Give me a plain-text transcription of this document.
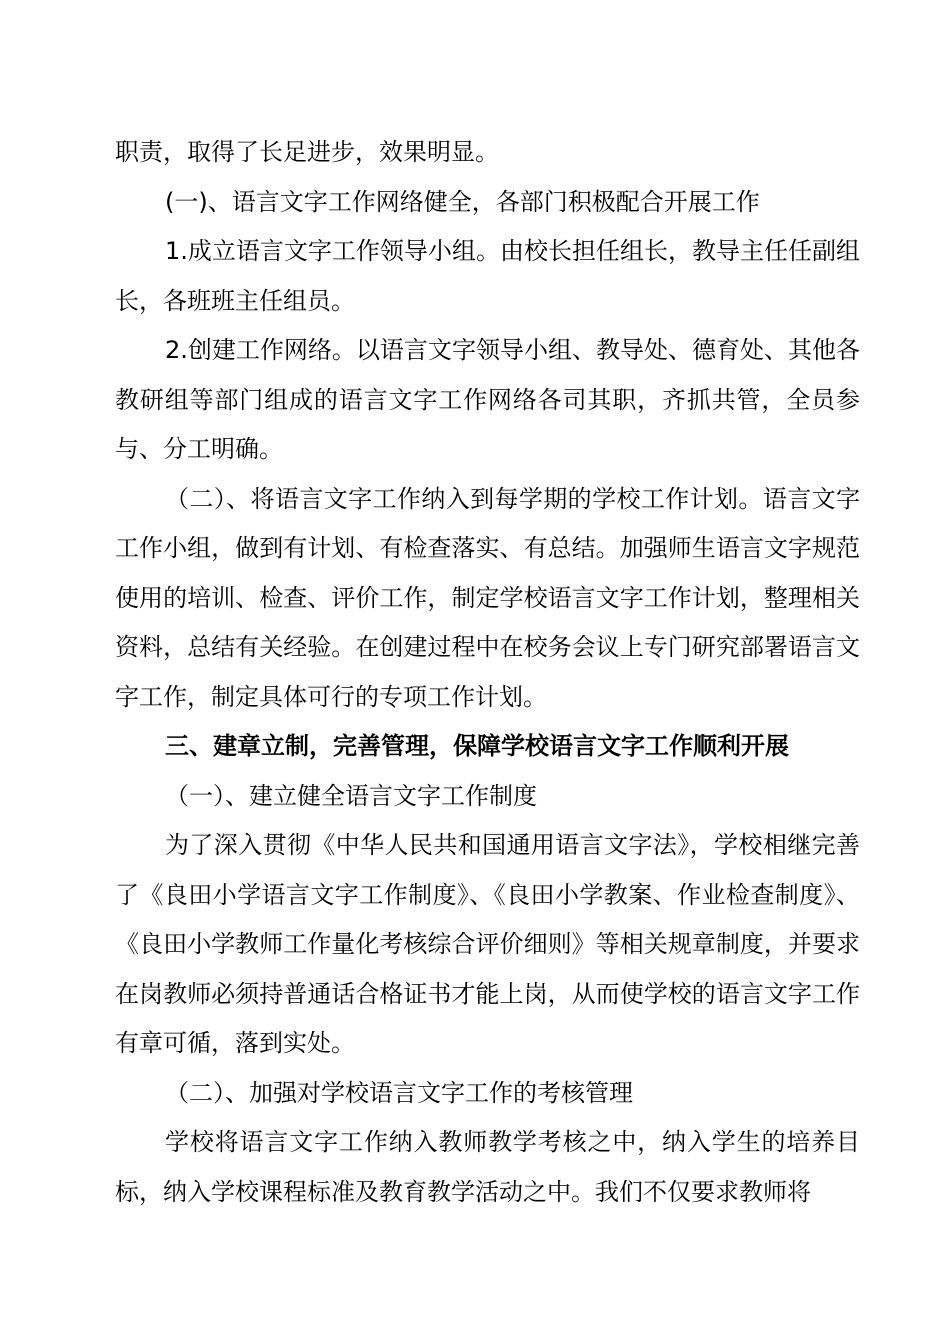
职责，取得了长足进步，效果明显。

(一)、语言文字工作网络健全，各部门积极配合开展工作

1.成立语言文字工作领导小组。由校长担任组长，教导主任任副组长，各班班主任组员。

2.创建工作网络。以语言文字领导小组、教导处、德育处、其他各教研组等部门组成的语言文字工作网络各司其职，齐抓共管，全员参与、分工明确。

（二）、将语言文字工作纳入到每学期的学校工作计划。语言文字工作小组，做到有计划、有检查落实、有总结。加强师生语言文字规范使用的培训、检查、评价工作，制定学校语言文字工作计划，整理相关资料，总结有关经验。在创建过程中在校务会议上专门研究部署语言文字工作，制定具体可行的专项工作计划。

三、建章立制，完善管理，保障学校语言文字工作顺利开展

（一）、建立健全语言文字工作制度

为了深入贯彻《中华人民共和国通用语言文字法》，学校相继完善了《良田小学语言文字工作制度》、《良田小学教案、作业检查制度》、《良田小学教师工作量化考核综合评价细则》等相关规章制度，并要求在岗教师必须持普通话合格证书才能上岗，从而使学校的语言文字工作有章可循，落到实处。

（二）、加强对学校语言文字工作的考核管理

学校将语言文字工作纳入教师教学考核之中，纳入学生的培养目标，纳入学校课程标准及教育教学活动之中。我们不仅要求教师将
